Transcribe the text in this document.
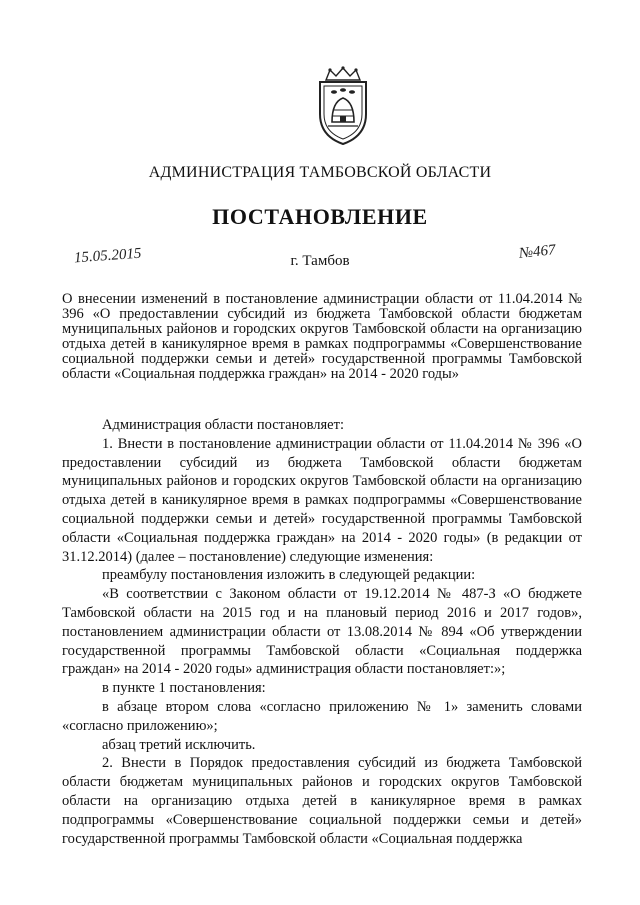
АДМИНИСТРАЦИЯ ТАМБОВСКОЙ ОБЛАСТИ
ПОСТАНОВЛЕНИЕ
15.05.2015	г. Тамбов	№467
О внесении изменений в постановление администрации области от 11.04.2014 № 396 «О предоставлении субсидий из бюджета Тамбовской области бюджетам муниципальных районов и городских округов Тамбовской области на организацию отдыха детей в каникулярное время в рамках подпрограммы «Совершенствование социальной поддержки семьи и детей» государственной программы Тамбовской области «Социальная поддержка граждан» на 2014 - 2020 годы»

Администрация области постановляет:

1. Внести в постановление администрации области от 11.04.2014 № 396 «О предоставлении субсидий из бюджета Тамбовской области бюджетам муниципальных районов и городских округов Тамбовской области на организацию отдыха детей в каникулярное время в рамках подпрограммы «Совершенствование социальной поддержки семьи и детей» государственной программы Тамбовской области «Социальная поддержка граждан» на 2014 - 2020 годы» (в редакции от 31.12.2014) (далее – постановление) следующие изменения:

преамбулу постановления изложить в следующей редакции:

«В соответствии с Законом области от 19.12.2014 № 487-З «О бюджете Тамбовской области на 2015 год и на плановый период 2016 и 2017 годов», постановлением администрации области от 13.08.2014 № 894 «Об утверждении государственной программы Тамбовской области «Социальная поддержка граждан» на 2014 - 2020 годы» администрация области постановляет:»;

в пункте 1 постановления:

в абзаце втором слова «согласно приложению № 1» заменить словами «согласно приложению»;

абзац третий исключить.

2. Внести в Порядок предоставления субсидий из бюджета Тамбовской области бюджетам муниципальных районов и городских округов Тамбовской области на организацию отдыха детей в каникулярное время в рамках подпрограммы «Совершенствование социальной поддержки семьи и детей» государственной программы Тамбовской области «Социальная поддержка
